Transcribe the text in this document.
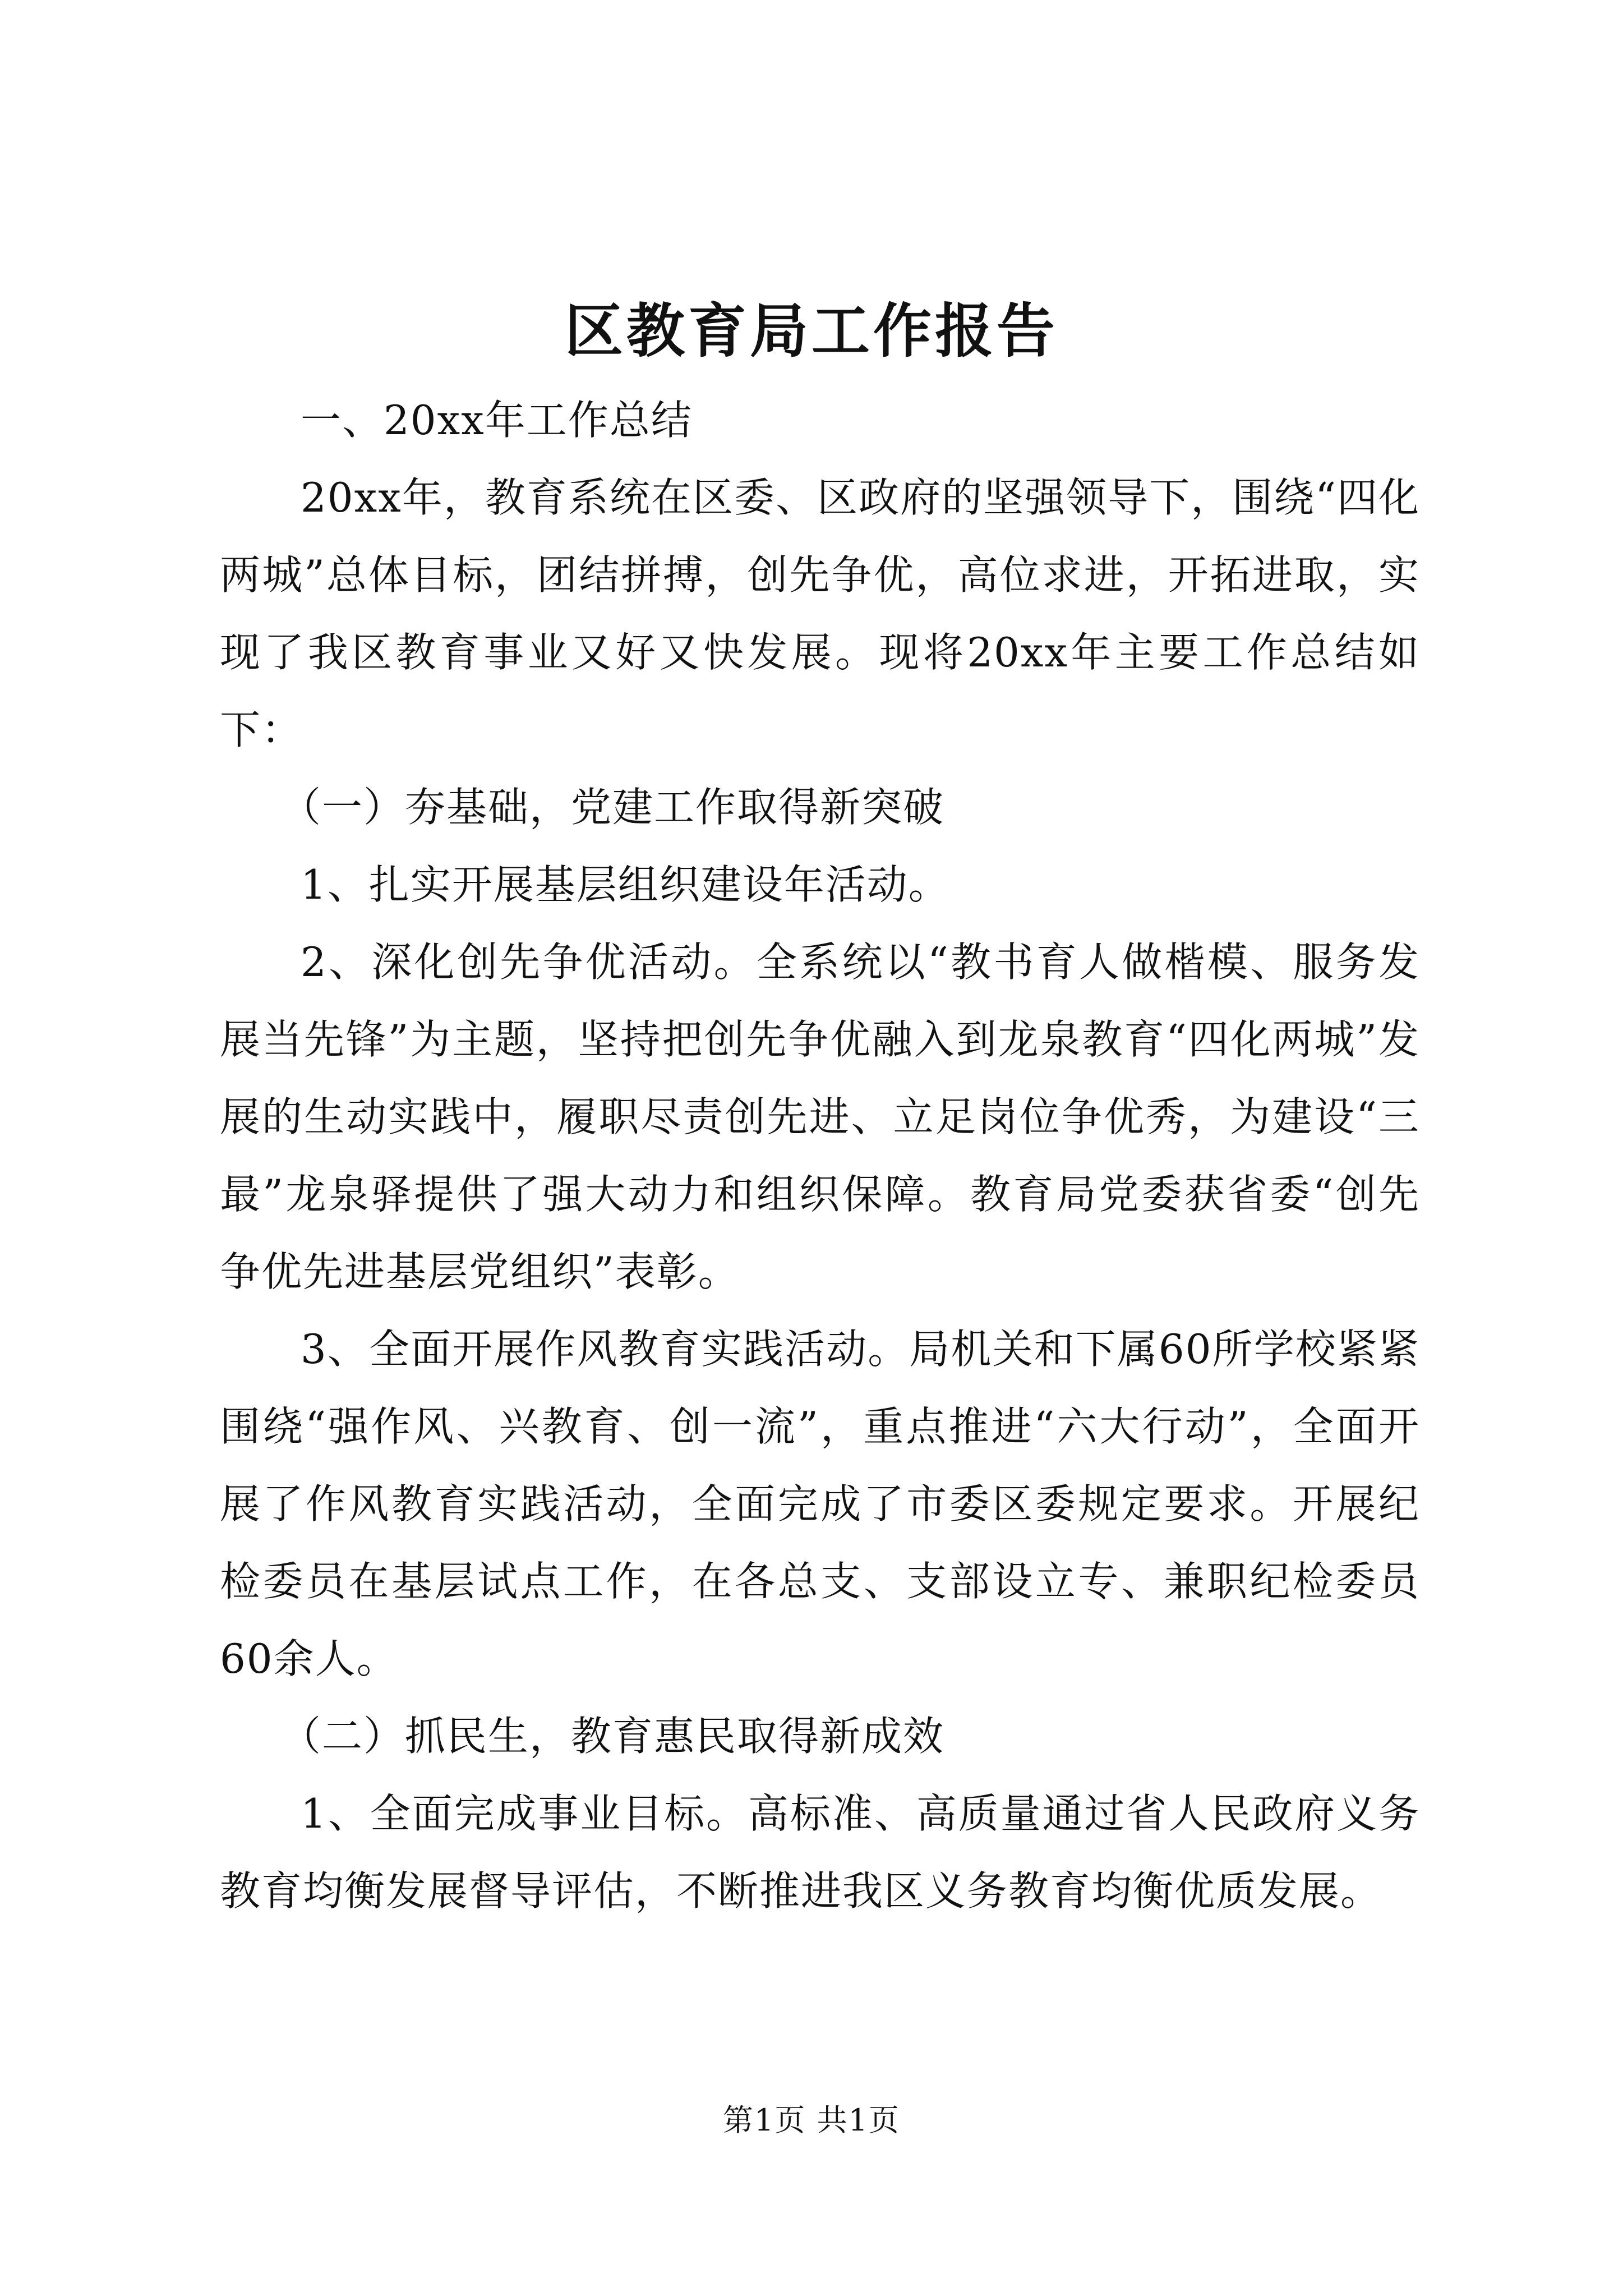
区教育局工作报告

一、20xx年工作总结

20xx年，教育系统在区委、区政府的坚强领导下，围绕“四化两城”总体目标，团结拼搏，创先争优，高位求进，开拓进取，实现了我区教育事业又好又快发展。现将20xx年主要工作总结如下：

（一）夯基础，党建工作取得新突破

1、扎实开展基层组织建设年活动。

2、深化创先争优活动。全系统以“教书育人做楷模、服务发展当先锋”为主题，坚持把创先争优融入到龙泉教育“四化两城”发展的生动实践中，履职尽责创先进、立足岗位争优秀，为建设“三最”龙泉驿提供了强大动力和组织保障。教育局党委获省委“创先争优先进基层党组织”表彰。

3、全面开展作风教育实践活动。局机关和下属60所学校紧紧围绕“强作风、兴教育、创一流”，重点推进“六大行动”，全面开展了作风教育实践活动，全面完成了市委区委规定要求。开展纪检委员在基层试点工作，在各总支、支部设立专、兼职纪检委员60余人。

（二）抓民生，教育惠民取得新成效

1、全面完成事业目标。高标准、高质量通过省人民政府义务教育均衡发展督导评估，不断推进我区义务教育均衡优质发展。

第1页 共1页
